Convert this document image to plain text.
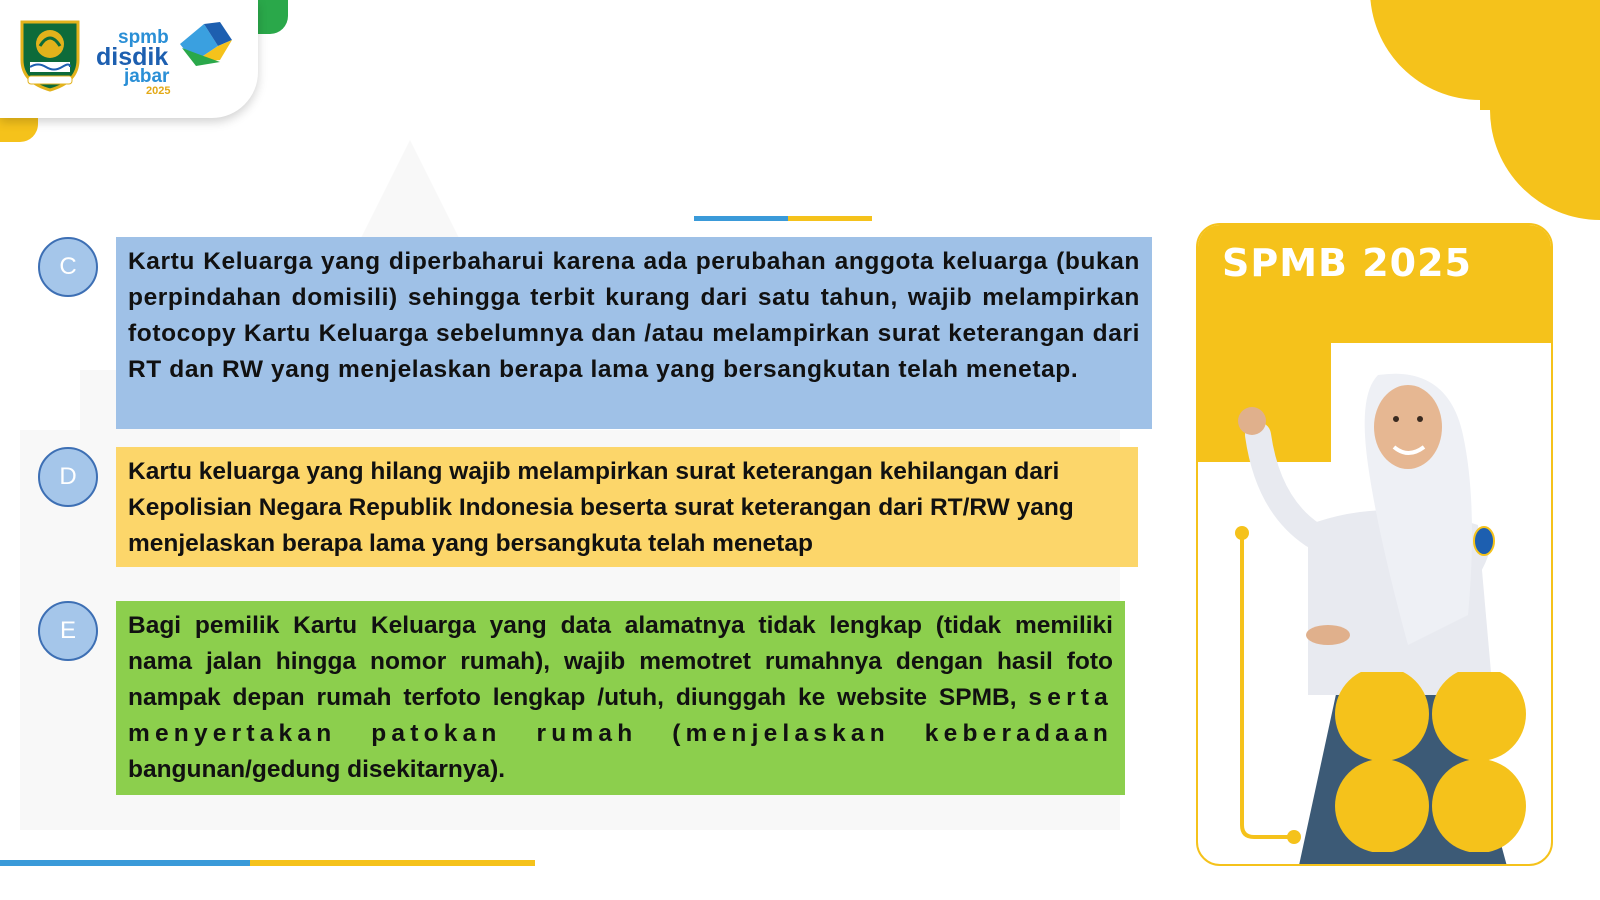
spmb
disdik
jabar
2025
C	Kartu Keluarga yang diperbaharui karena ada perubahan anggota keluarga (bukan perpindahan domisili) sehingga terbit kurang dari satu tahun, wajib melampirkan fotocopy Kartu Keluarga sebelumnya dan /atau melampirkan surat keterangan dari RT dan RW yang menjelaskan berapa lama yang bersangkutan telah menetap.
D	Kartu keluarga yang hilang wajib melampirkan surat keterangan kehilangan dari Kepolisian Negara Republik Indonesia beserta surat keterangan dari RT/RW yang menjelaskan berapa lama yang bersangkuta telah menetap
E	Bagi pemilik Kartu Keluarga yang data alamatnya tidak lengkap (tidak memiliki nama jalan hingga nomor rumah), wajib memotret rumahnya dengan hasil foto nampak depan rumah terfoto lengkap /utuh, diunggah ke website SPMB, serta menyertakan patokan rumah (menjelaskan keberadaan bangunan/gedung disekitarnya).
SPMB 2025
